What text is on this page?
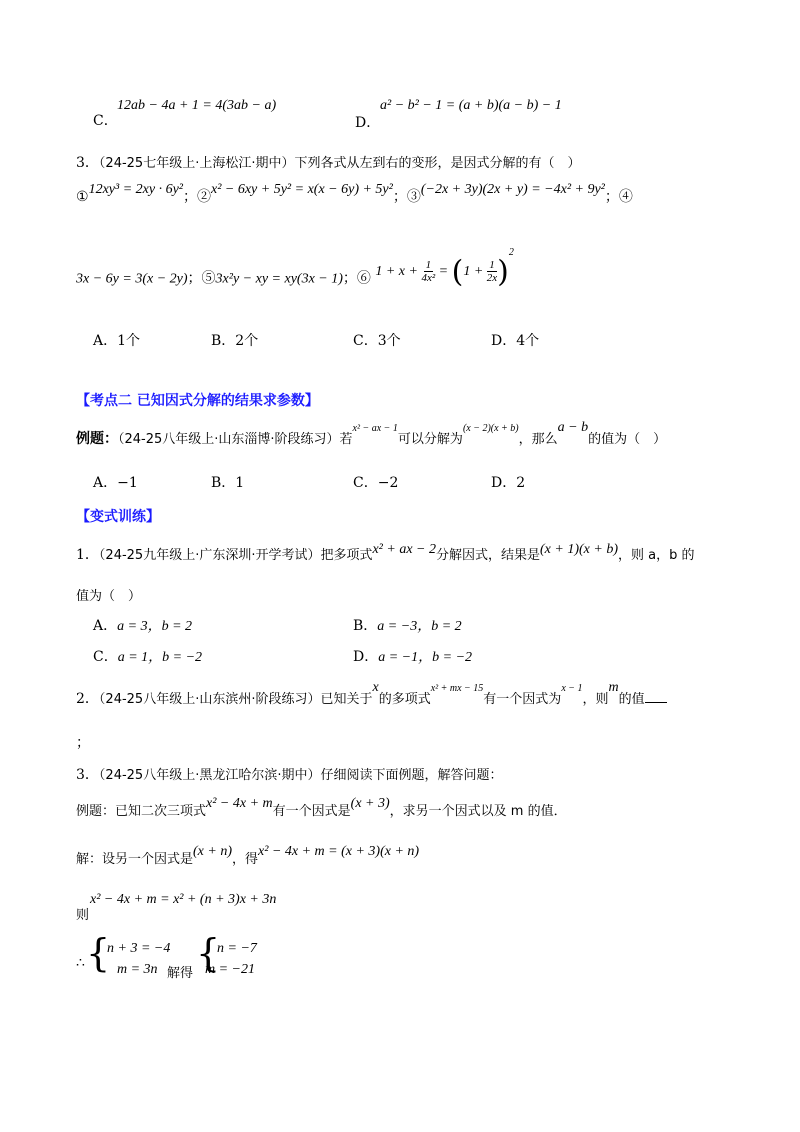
C．
12ab − 4a + 1 = 4(3ab − a)
D．
a² − b² − 1 = (a + b)(a − b) − 1
3．（24-25七年级上·上海松江·期中）下列各式从左到右的变形，是因式分解的有（　）
①12xy³ = 2xy · 6y²；②x² − 6xy + 5y² = x(x − 6y) + 5y²；③(−2x + 3y)(2x + y) = −4x² + 9y²；④
3x − 6y = 3(x − 2y)；⑤3x²y − xy = xy(3x − 1)；⑥ $1 + x + \frac{1}{\text{4x²}} = (1 + \frac{1}{2x} )^2$
A．1个	B．2个	C．3个	D．4个
【考点二 已知因式分解的结果求参数】
例题：（24-25八年级上·山东淄博·阶段练习）若$^{x^2 - ax - 1}$可以分解为$^{(x - 2)(x + b)}$，那么a − b的值为（　）
A．−1	B．1	C．−2	D．2
【变式训练】
1．（24-25九年级上·广东深圳·开学考试）把多项式x² + ax − 2分解因式，结果是(x + 1)(x + b)，则 a，b 的
值为（　）
A．a = 3，b = 2	B．a = −3，b = 2
C．a = 1，b = −2	D．a = −1，b = −2
2．（24-25八年级上·山东滨州·阶段练习）已知关于x的多项式$^{x^2 + mx - 15}$有一个因式为$^{x - 1}$，则m的值
；
3．（24-25八年级上·黑龙江哈尔滨·期中）仔细阅读下面例题，解答问题：
例题：已知二次三项式x² − 4x + m有一个因式是(x + 3)，求另一个因式以及 m 的值．
解：设另一个因式是(x + n)，得x² − 4x + m = (x + 3)(x + n)
x² − 4x + m = x² + (n + 3)x + 3n
则
∴ {
n + 3 = −4
m = 3n 解得 {
n = −7
m = −21
